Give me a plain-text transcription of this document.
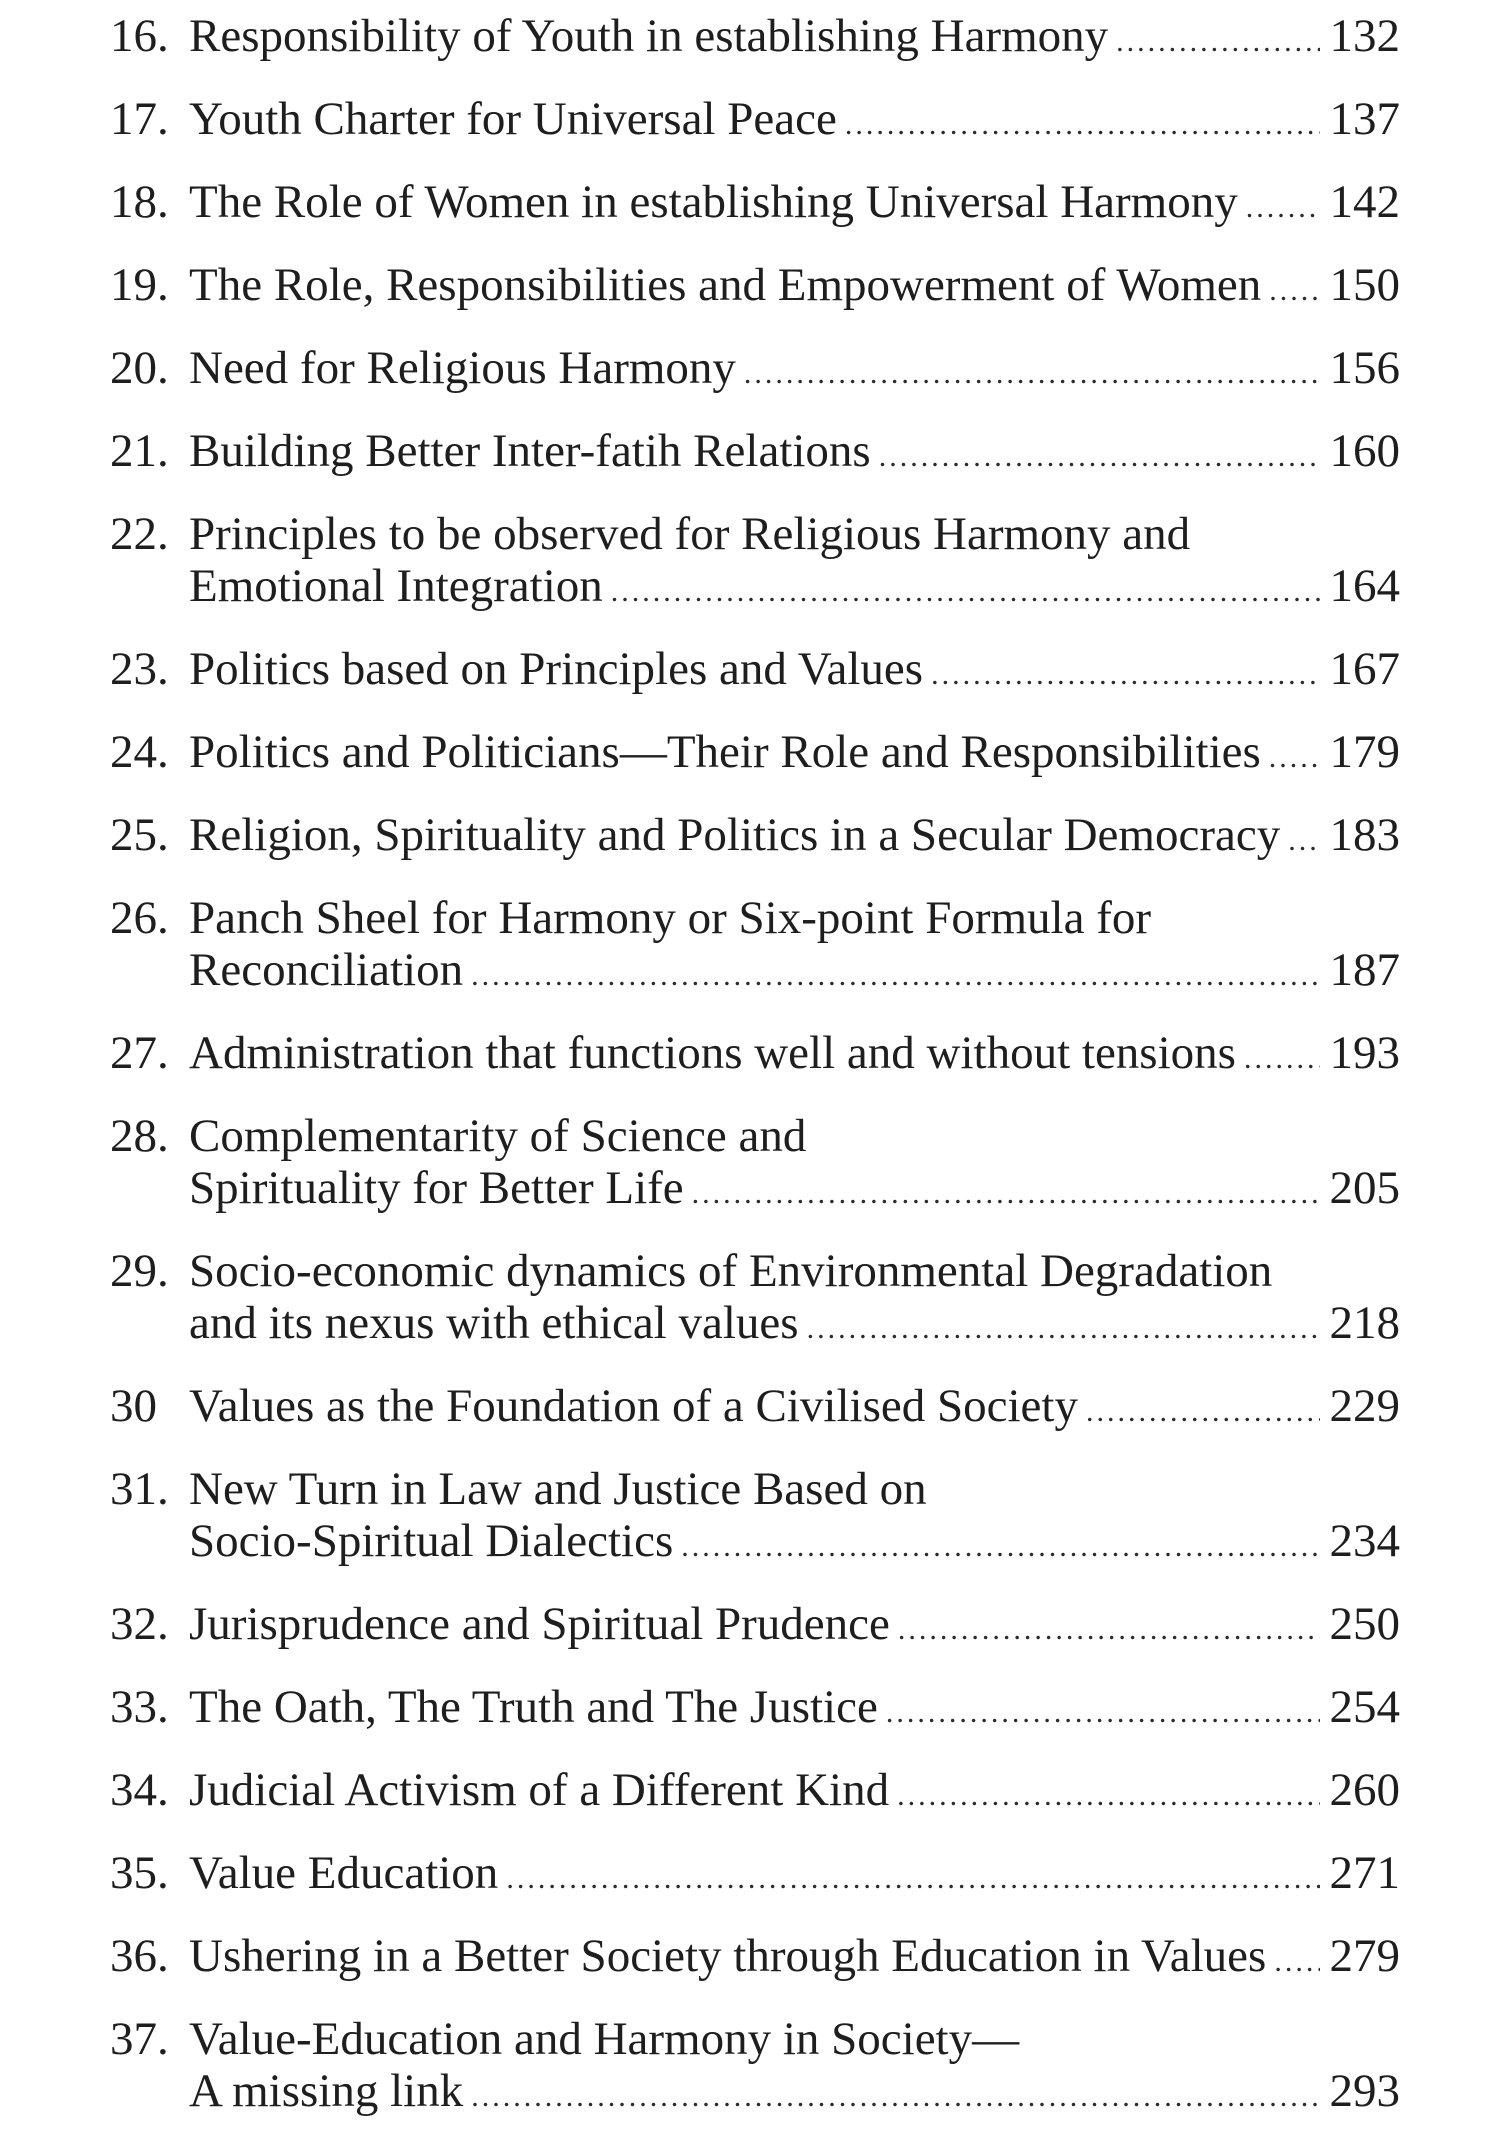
16. Responsibility of Youth in establishing Harmony .....	132
17. Youth Charter for Universal Peace .....	137
18. The Role of Women in establishing Universal Harmony ..... 142
19. The Role, Responsibilities and Empowerment of Women ..... 150
20. Need for Religious Harmony .....	156
21. Building Better Inter-fatih Relations .....	160
22. Principles to be observed for Religious Harmony and
Emotional Integration .....	164
23. Politics based on Principles and Values .....	167
24. Politics and Politicians—Their Role and Responsibilities ..... 179
25. Religion, Spirituality and Politics in a Secular Democracy ..... 183
26. Panch Sheel for Harmony or Six-point Formula for
Reconciliation .....	187
27. Administration that functions well and without tensions ..... 193
28. Complementarity of Science and
Spirituality for Better Life .....	205
29. Socio-economic dynamics of Environmental Degradation
and its nexus with ethical values .....	218
30 Values as the Foundation of a Civilised Society .....	229
31. New Turn in Law and Justice Based on
Socio-Spiritual Dialectics .....	234
32. Jurisprudence and Spiritual Prudence .....	250
33. The Oath, The Truth and The Justice .....	254
34. Judicial Activism of a Different Kind .....	260
35. Value Education .....	271
36. Ushering in a Better Society through Education in Values ..... 279
37. Value-Education and Harmony in Society—
A missing link .....	293
